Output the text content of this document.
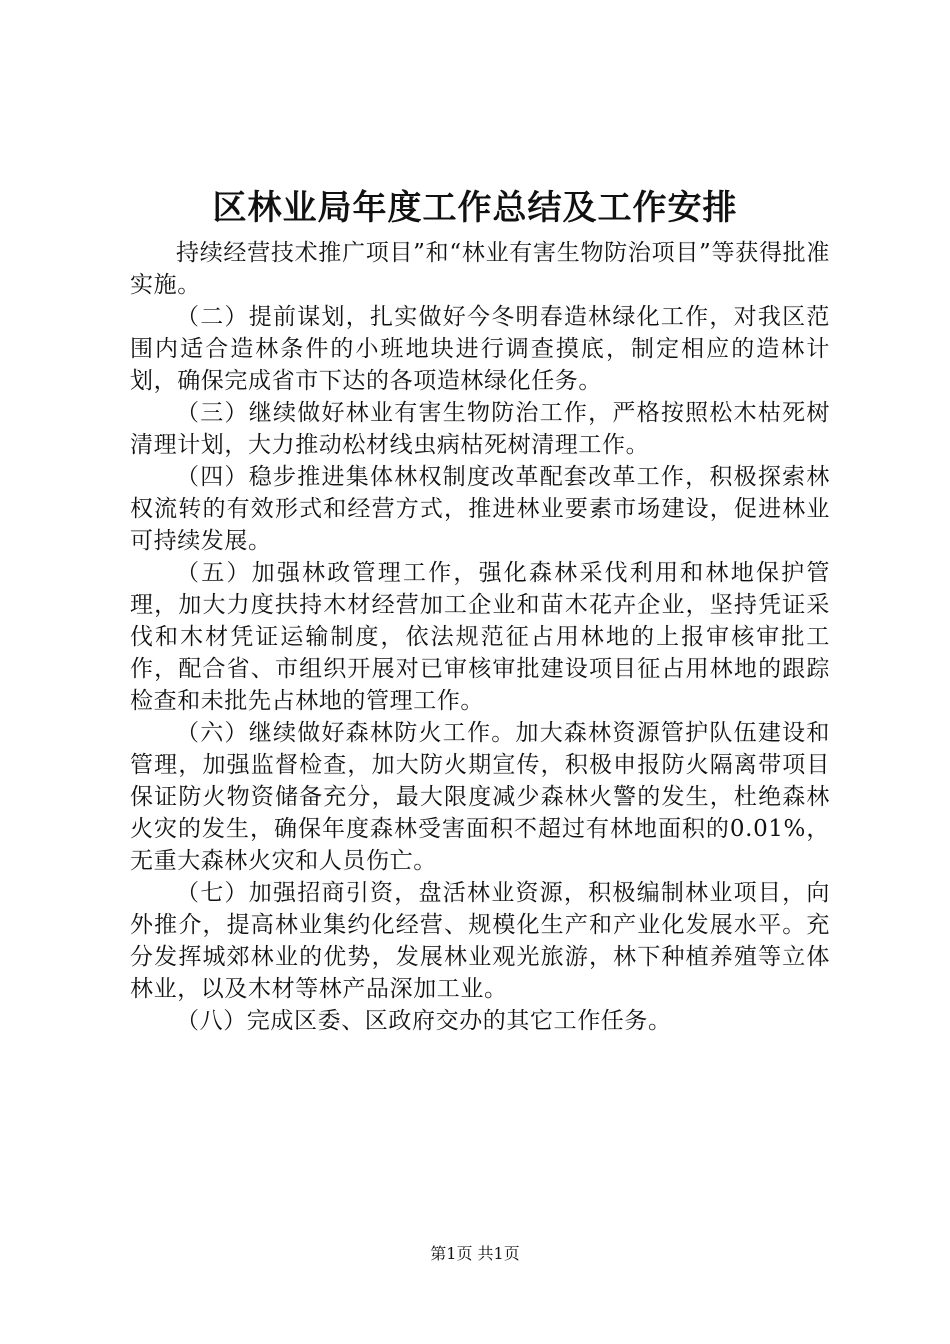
区林业局年度工作总结及工作安排

持续经营技术推广项目”和“林业有害生物防治项目”等获得批准实施。

（二）提前谋划，扎实做好今冬明春造林绿化工作，对我区范围内适合造林条件的小班地块进行调查摸底，制定相应的造林计划，确保完成省市下达的各项造林绿化任务。

（三）继续做好林业有害生物防治工作，严格按照松木枯死树清理计划，大力推动松材线虫病枯死树清理工作。

（四）稳步推进集体林权制度改革配套改革工作，积极探索林权流转的有效形式和经营方式，推进林业要素市场建设，促进林业可持续发展。

（五）加强林政管理工作，强化森林采伐利用和林地保护管理，加大力度扶持木材经营加工企业和苗木花卉企业，坚持凭证采伐和木材凭证运输制度，依法规范征占用林地的上报审核审批工作，配合省、市组织开展对已审核审批建设项目征占用林地的跟踪检查和未批先占林地的管理工作。

（六）继续做好森林防火工作。加大森林资源管护队伍建设和管理，加强监督检查，加大防火期宣传，积极申报防火隔离带项目保证防火物资储备充分，最大限度减少森林火警的发生，杜绝森林火灾的发生，确保年度森林受害面积不超过有林地面积的0.01%，无重大森林火灾和人员伤亡。

（七）加强招商引资，盘活林业资源，积极编制林业项目，向外推介，提高林业集约化经营、规模化生产和产业化发展水平。充分发挥城郊林业的优势，发展林业观光旅游，林下种植养殖等立体林业，以及木材等林产品深加工业。

（八）完成区委、区政府交办的其它工作任务。

第1页 共1页
